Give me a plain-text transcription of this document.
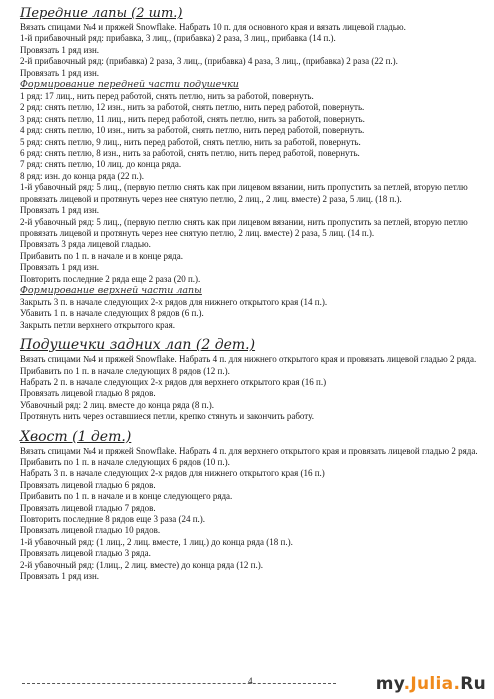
Передние лапы (2 шт.)

Вязать спицами №4 и пряжей Snowflake. Набрать 10 п. для основного края и вязать лицевой гладью.
1-й прибавочный ряд: прибавка, 3 лиц., (прибавка) 2 раза, 3 лиц., прибавка (14 п.).
Провязать 1 ряд изн.
2-й прибавочный ряд: (прибавка) 2 раза, 3 лиц., (прибавка) 4 раза, 3 лиц., (прибавка) 2 раза (22 п.).
Провязать 1 ряд изн.

Формирование передней части подушечки

1 ряд: 17 лиц., нить перед работой, снять петлю, нить за работой, повернуть.
2 ряд: снять петлю, 12 изн., нить за работой, снять петлю, нить перед работой, повернуть.
3 ряд: снять петлю, 11 лиц., нить перед работой, снять петлю, нить за работой, повернуть.
4 ряд: снять петлю, 10 изн., нить за работой, снять петлю, нить перед работой, повернуть.
5 ряд: снять петлю, 9 лиц., нить перед работой, снять петлю, нить за работой, повернуть.
6 ряд: снять петлю, 8 изн., нить за работой, снять петлю, нить перед работой, повернуть.
7 ряд: снять петлю, 10 лиц. до конца ряда.
8 ряд: изн. до конца ряда (22 п.).
1-й убавочный ряд: 5 лиц., (первую петлю снять как при лицевом вязании, нить пропустить за петлей, вторую петлю провязать лицевой и протянуть через нее снятую петлю, 2 лиц., 2 лиц. вместе) 2 раза, 5 лиц. (18 п.).
Провязать 1 ряд изн.
2-й убавочный ряд: 5 лиц., (первую петлю снять как при лицевом вязании, нить пропустить за петлей, вторую петлю провязать лицевой и протянуть через нее снятую петлю, 2 лиц. вместе) 2 раза, 5 лиц. (14 п.).
Провязать 3 ряда лицевой гладью.
Прибавить по 1 п. в начале и в конце ряда.
Провязать 1 ряд изн.
Повторить последние 2 ряда еще 2 раза (20 п.).

Формирование верхней части лапы

Закрыть 3 п. в начале следующих 2-х рядов для нижнего открытого края (14 п.).
Убавить 1 п. в начале следующих 8 рядов (6 п.).
Закрыть петли верхнего открытого края.

Подушечки задних лап (2 дет.)

Вязать спицами №4 и пряжей Snowflake. Набрать 4 п. для нижнего открытого края и провязать лицевой гладью 2 ряда.
Прибавить по 1 п. в начале следующих 8 рядов (12 п.).
Набрать 2 п. в начале следующих 2-х рядов для верхнего открытого края (16 п.)
Провязать лицевой гладью 8 рядов.
Убавочный ряд: 2 лиц. вместе до конца ряда (8 п.).
Протянуть нить через оставшиеся петли, крепко стянуть и закончить работу.

Хвост (1 дет.)

Вязать спицами №4 и пряжей Snowflake. Набрать 4 п. для верхнего открытого края и провязать лицевой гладью 2 ряда.
Прибавить по 1 п. в начале следующих 6 рядов (10 п.).
Набрать 3 п. в начале следующих 2-х рядов для нижнего открытого края (16 п.)
Провязать лицевой гладью 6 рядов.
Прибавить по 1 п. в начале и в конце следующего ряда.
Провязать лицевой гладью 7 рядов.
Повторить последние 8 рядов еще 3 раза (24 п.).
Провязать лицевой гладью 10 рядов.
1-й убавочный ряд: (1 лиц., 2 лиц. вместе, 1 лиц.) до конца ряда (18 п.).
Провязать лицевой гладью 3 ряда.
2-й убавочный ряд: (1лиц., 2 лиц. вместе) до конца ряда (12 п.).
Провязать 1 ряд изн.
4	my.Julia.Ru
